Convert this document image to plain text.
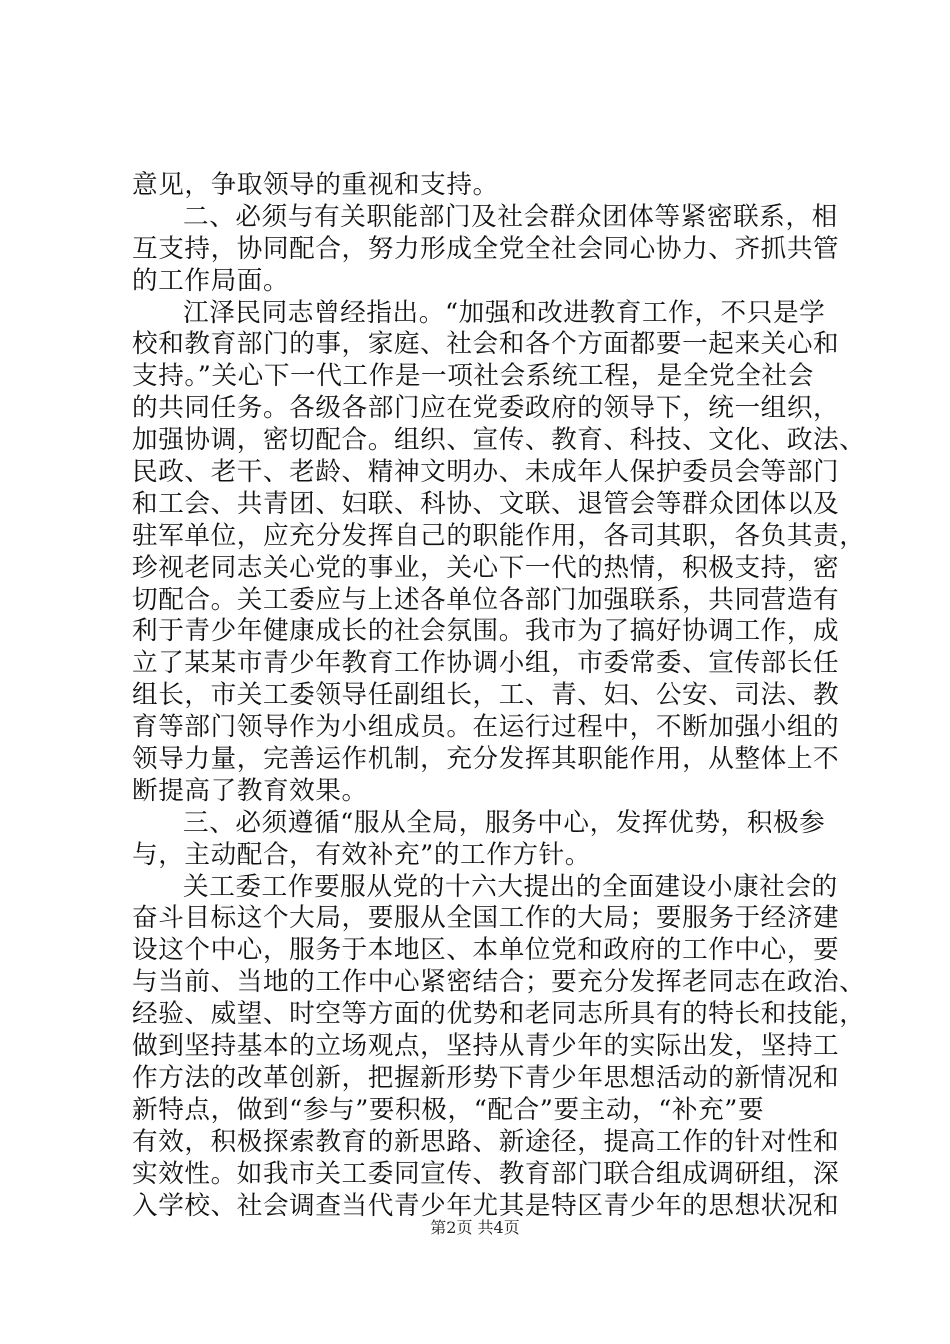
意见，争取领导的重视和支持。
二、必须与有关职能部门及社会群众团体等紧密联系，相
互支持，协同配合，努力形成全党全社会同心协力、齐抓共管
的工作局面。
江泽民同志曾经指出。“加强和改进教育工作，不只是学
校和教育部门的事，家庭、社会和各个方面都要一起来关心和
支持。”关心下一代工作是一项社会系统工程，是全党全社会
的共同任务。各级各部门应在党委政府的领导下，统一组织，
加强协调，密切配合。组织、宣传、教育、科技、文化、政法、
民政、老干、老龄、精神文明办、未成年人保护委员会等部门
和工会、共青团、妇联、科协、文联、退管会等群众团体以及
驻军单位，应充分发挥自己的职能作用，各司其职，各负其责，
珍视老同志关心党的事业，关心下一代的热情，积极支持，密
切配合。关工委应与上述各单位各部门加强联系，共同营造有
利于青少年健康成长的社会氛围。我市为了搞好协调工作，成
立了某某市青少年教育工作协调小组，市委常委、宣传部长任
组长，市关工委领导任副组长，工、青、妇、公安、司法、教
育等部门领导作为小组成员。在运行过程中，不断加强小组的
领导力量，完善运作机制，充分发挥其职能作用，从整体上不
断提高了教育效果。
三、必须遵循“服从全局，服务中心，发挥优势，积极参
与，主动配合，有效补充”的工作方针。
关工委工作要服从党的十六大提出的全面建设小康社会的
奋斗目标这个大局，要服从全国工作的大局；要服务于经济建
设这个中心，服务于本地区、本单位党和政府的工作中心，要
与当前、当地的工作中心紧密结合；要充分发挥老同志在政治、
经验、威望、时空等方面的优势和老同志所具有的特长和技能，
做到坚持基本的立场观点，坚持从青少年的实际出发，坚持工
作方法的改革创新，把握新形势下青少年思想活动的新情况和
新特点，做到“参与”要积极，“配合”要主动，“补充”要
有效，积极探索教育的新思路、新途径，提高工作的针对性和
实效性。如我市关工委同宣传、教育部门联合组成调研组，深
入学校、社会调查当代青少年尤其是特区青少年的思想状况和
第2页 共4页
